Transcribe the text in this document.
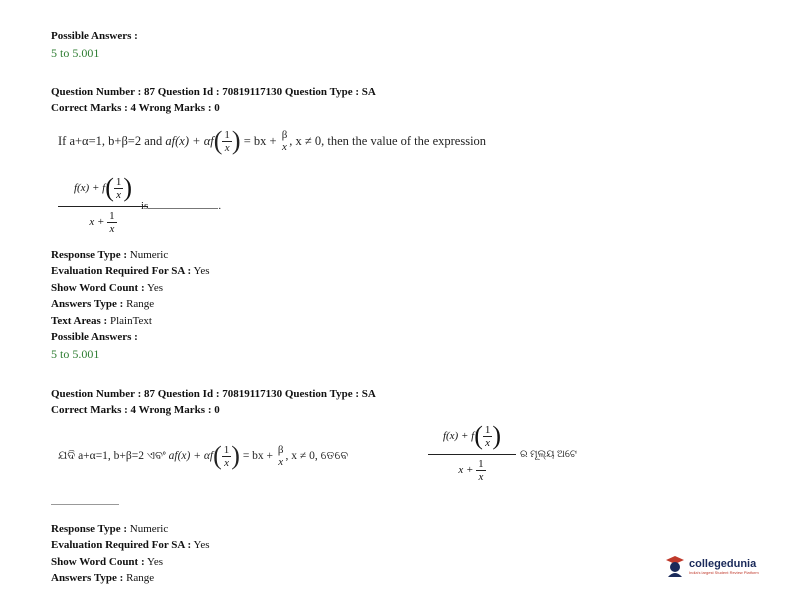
Possible Answers :
5 to 5.001
Question Number : 87 Question Id : 70819117130 Question Type : SA
Correct Marks : 4 Wrong Marks : 0
If a+α=1, b+β=2 and
af(x) + αf ( $\frac{1}{x}$ )
= bx +
β
x , x ≠ 0, then the value of the expression
f(x) + f ( $\frac{1}{x}$ )
x +
$\frac{1}{x}$
is	.
Response Type : Numeric
Evaluation Required For SA : Yes
Show Word Count : Yes
Answers Type : Range
Text Areas : PlainText
Possible Answers :
5 to 5.001
Question Number : 87 Question Id : 70819117130 Question Type : SA
Correct Marks : 4 Wrong Marks : 0
ଯଦି a+α=1, b+β=2 ଏବଂ
af(x) + αf ( $\frac{1}{x}$ )
= bx +
β
x
, x ≠ 0, ତେବେ
f(x) + f ( $\frac{1}{x}$ )
x +
$\frac{1}{x}$
ର ମୂଲ୍ୟ ଅଟେ
Response Type : Numeric
Evaluation Required For SA : Yes
Show Word Count : Yes
Answers Type : Range
collegedunia
India's largest Student Review Platform
